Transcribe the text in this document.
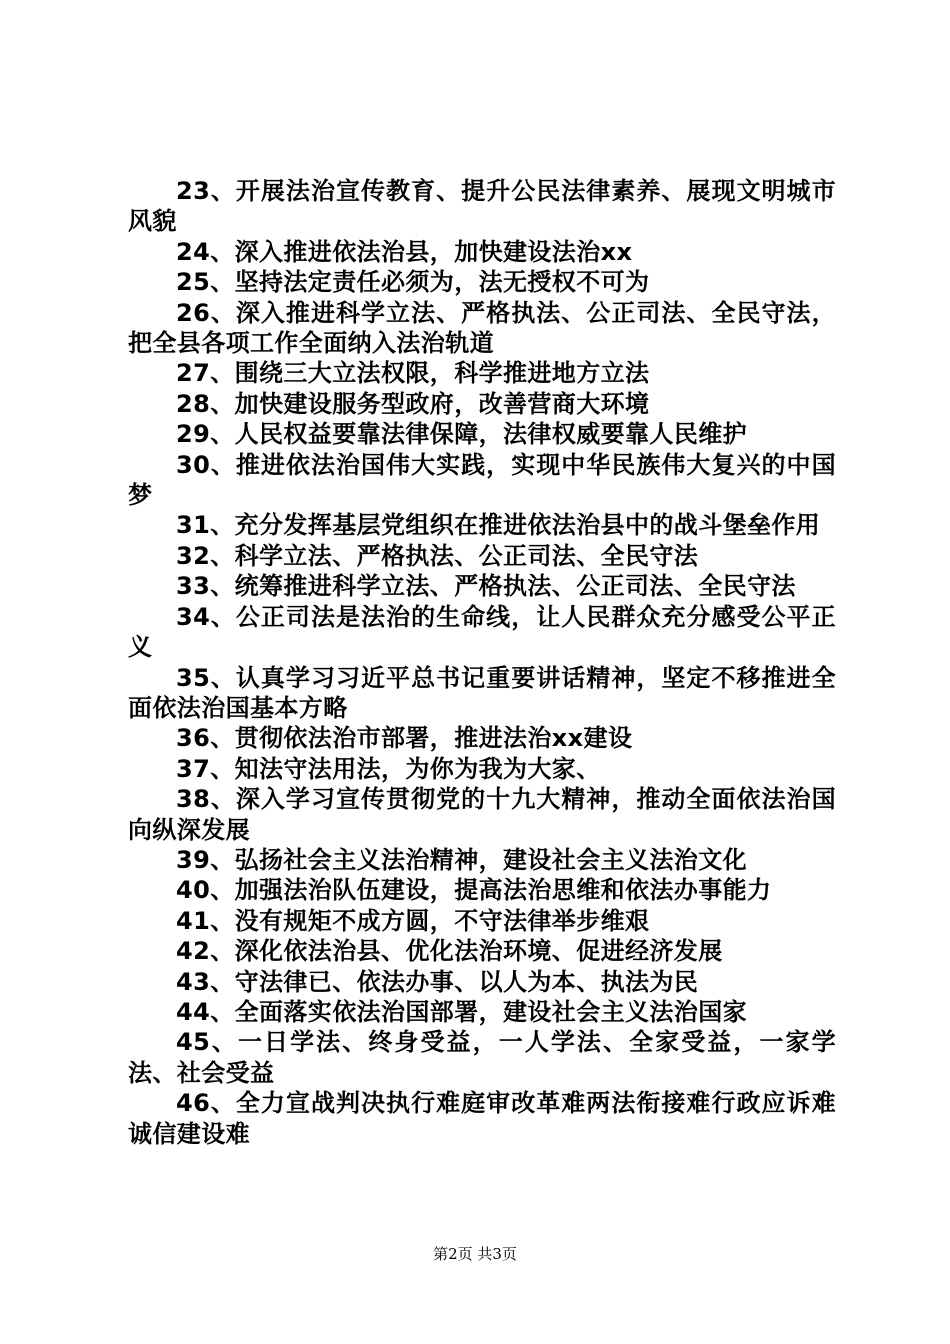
23、开展法治宣传教育、提升公民法律素养、展现文明城市风貌

24、深入推进依法治县，加快建设法治xx

25、坚持法定责任必须为，法无授权不可为

26、深入推进科学立法、严格执法、公正司法、全民守法，把全县各项工作全面纳入法治轨道

27、围绕三大立法权限，科学推进地方立法

28、加快建设服务型政府，改善营商大环境

29、人民权益要靠法律保障，法律权威要靠人民维护

30、推进依法治国伟大实践，实现中华民族伟大复兴的中国梦

31、充分发挥基层党组织在推进依法治县中的战斗堡垒作用

32、科学立法、严格执法、公正司法、全民守法

33、统筹推进科学立法、严格执法、公正司法、全民守法

34、公正司法是法治的生命线，让人民群众充分感受公平正义

35、认真学习习近平总书记重要讲话精神，坚定不移推进全面依法治国基本方略

36、贯彻依法治市部署，推进法治xx建设

37、知法守法用法，为你为我为大家、

38、深入学习宣传贯彻党的十九大精神，推动全面依法治国向纵深发展

39、弘扬社会主义法治精神，建设社会主义法治文化

40、加强法治队伍建设，提高法治思维和依法办事能力

41、没有规矩不成方圆，不守法律举步维艰

42、深化依法治县、优化法治环境、促进经济发展

43、守法律已、依法办事、以人为本、执法为民

44、全面落实依法治国部署，建设社会主义法治国家

45、一日学法、终身受益，一人学法、全家受益，一家学法、社会受益

46、全力宣战判决执行难庭审改革难两法衔接难行政应诉难诚信建设难

第2页 共3页
